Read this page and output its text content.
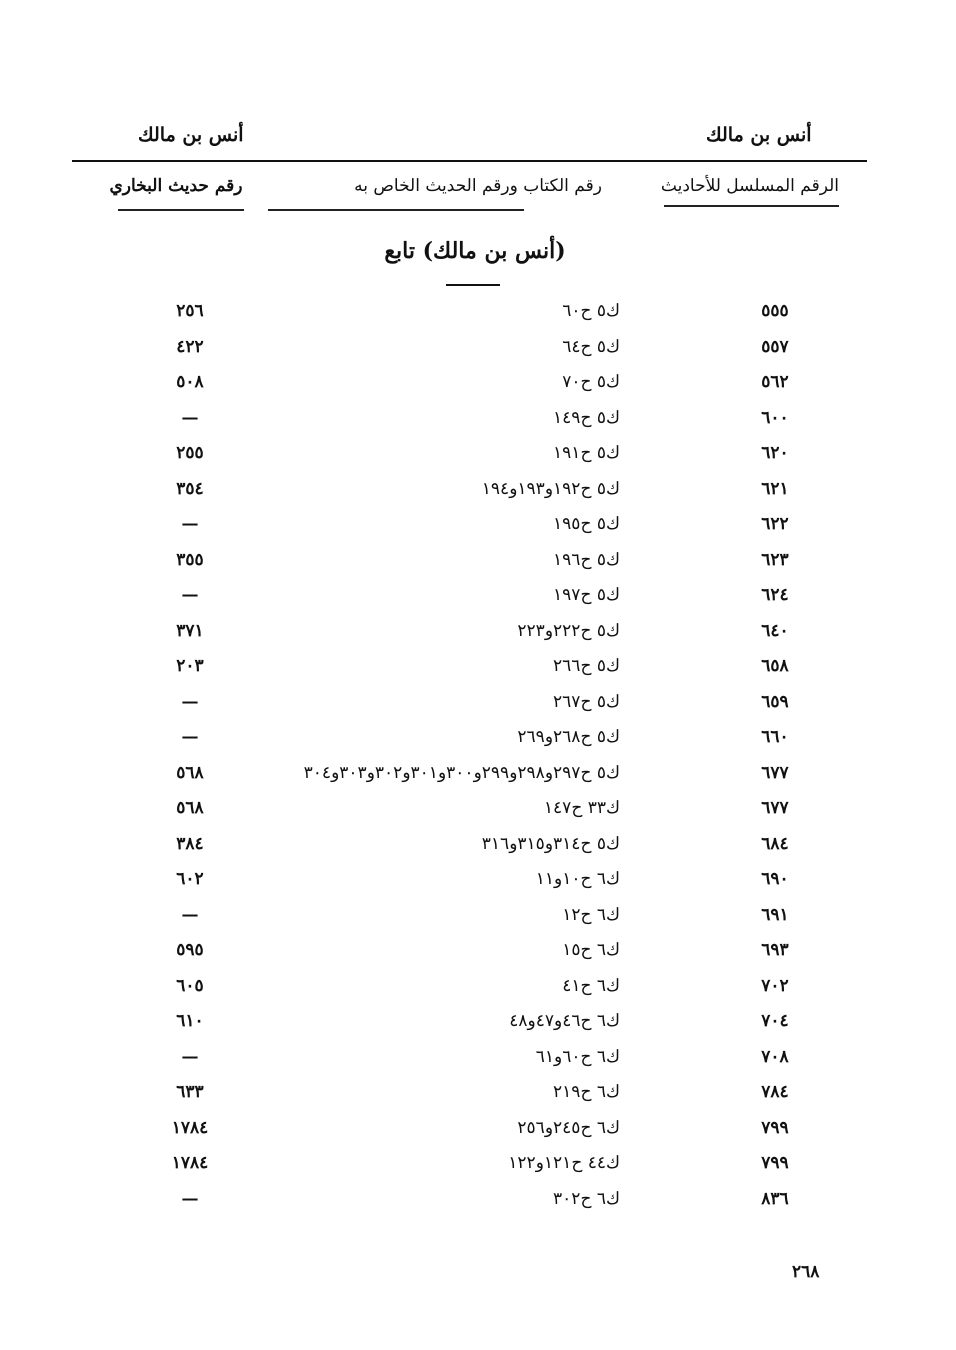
أنس بن مالك	أنس بن مالك
الرقم المسلسل للأحاديث
رقم الكتاب ورقم الحديث الخاص به
رقم حديث البخاري
(أنس بن مالك) تابع
٥٥٥
ك٥ ح٦٠
٢٥٦
٥٥٧
ك٥ ح٦٤
٤٢٢
٥٦٢
ك٥ ح٧٠
٥٠٨
٦٠٠
ك٥ ح١٤٩
—
٦٢٠
ك٥ ح١٩١
٢٥٥
٦٢١
ك٥ ح١٩٢و١٩٣و١٩٤
٣٥٤
٦٢٢
ك٥ ح١٩٥
—
٦٢٣
ك٥ ح١٩٦
٣٥٥
٦٢٤
ك٥ ح١٩٧
—
٦٤٠
ك٥ ح٢٢٢و٢٢٣
٣٧١
٦٥٨
ك٥ ح٢٦٦
٢٠٣
٦٥٩
ك٥ ح٢٦٧
—
٦٦٠
ك٥ ح٢٦٨و٢٦٩
—
٦٧٧
ك٥ ح٢٩٧و٢٩٨و٢٩٩و٣٠٠و٣٠١و٣٠٢و٣٠٣و٣٠٤
٥٦٨
٦٧٧
ك٣٣ ح١٤٧
٥٦٨
٦٨٤
ك٥ ح٣١٤و٣١٥و٣١٦
٣٨٤
٦٩٠
ك٦ ح١٠و١١
٦٠٢
٦٩١
ك٦ ح١٢
—
٦٩٣
ك٦ ح١٥
٥٩٥
٧٠٢
ك٦ ح٤١
٦٠٥
٧٠٤
ك٦ ح٤٦و٤٧و٤٨
٦١٠
٧٠٨
ك٦ ح٦٠و٦١
—
٧٨٤
ك٦ ح٢١٩
٦٣٣
٧٩٩
ك٦ ح٢٤٥و٢٥٦
١٧٨٤
٧٩٩
ك٤٤ ح١٢١و١٢٢
١٧٨٤
٨٣٦
ك٦ ح٣٠٢
—
٢٦٨
